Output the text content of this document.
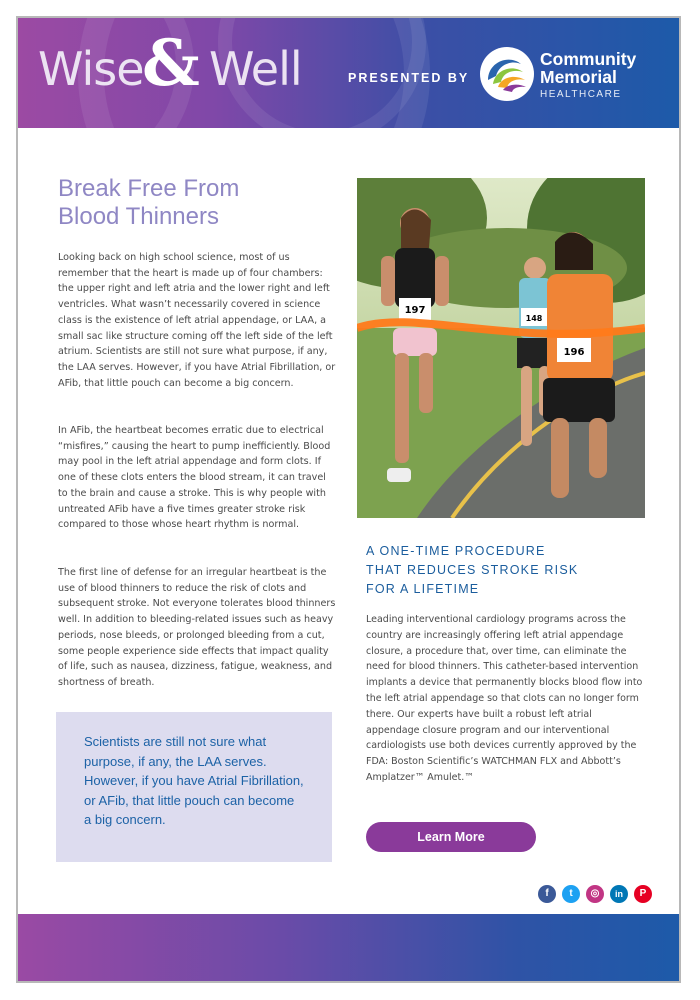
Wise
& Well	PRESENTED BY
Community
Memorial
HEALTHCARE
Break Free From
Blood Thinners

Looking back on high school science, most of us remember that the heart is made up of four chambers: the upper right and left atria and the lower right and left ventricles. What wasn’t necessarily covered in science class is the existence of left atrial appendage, or LAA, a small sac like structure coming off the left side of the left atrium. Scientists are still not sure what purpose, if any, the LAA serves. However, if you have Atrial Fibrillation, or AFib, that little pouch can become a big concern.

In AFib, the heartbeat becomes erratic due to electrical “misfires,” causing the heart to pump inefficiently. Blood may pool in the left atrial appendage and form clots. If one of these clots enters the blood stream, it can travel to the brain and cause a stroke. This is why people with untreated AFib have a five times greater stroke risk compared to those whose heart rhythm is normal.

The first line of defense for an irregular heartbeat is the use of blood thinners to reduce the risk of clots and subsequent stroke. Not everyone tolerates blood thinners well. In addition to bleeding-related issues such as heavy periods, nose bleeds, or prolonged bleeding from a cut, some people experience side effects that impact quality of life, such as nausea, dizziness, fatigue, weakness, and shortness of breath.

Scientists are still not sure what purpose, if any, the LAA serves. However, if you have Atrial Fibrillation, or AFib, that little pouch can become a big concern.

197
148
196

A ONE-TIME PROCEDURE
THAT REDUCES STROKE RISK
FOR A LIFETIME

Leading interventional cardiology programs across the country are increasingly offering left atrial appendage closure, a procedure that, over time, can eliminate the need for blood thinners. This catheter-based intervention implants a device that permanently blocks blood flow into the left atrial appendage so that clots can no longer form there. Our experts have built a robust left atrial appendage closure program and our interventional cardiologists use both devices currently approved by the FDA: Boston Scientific’s WATCHMAN FLX and Abbott’s Amplatzer™ Amulet.™

Learn More
f	t	◎	in	P
